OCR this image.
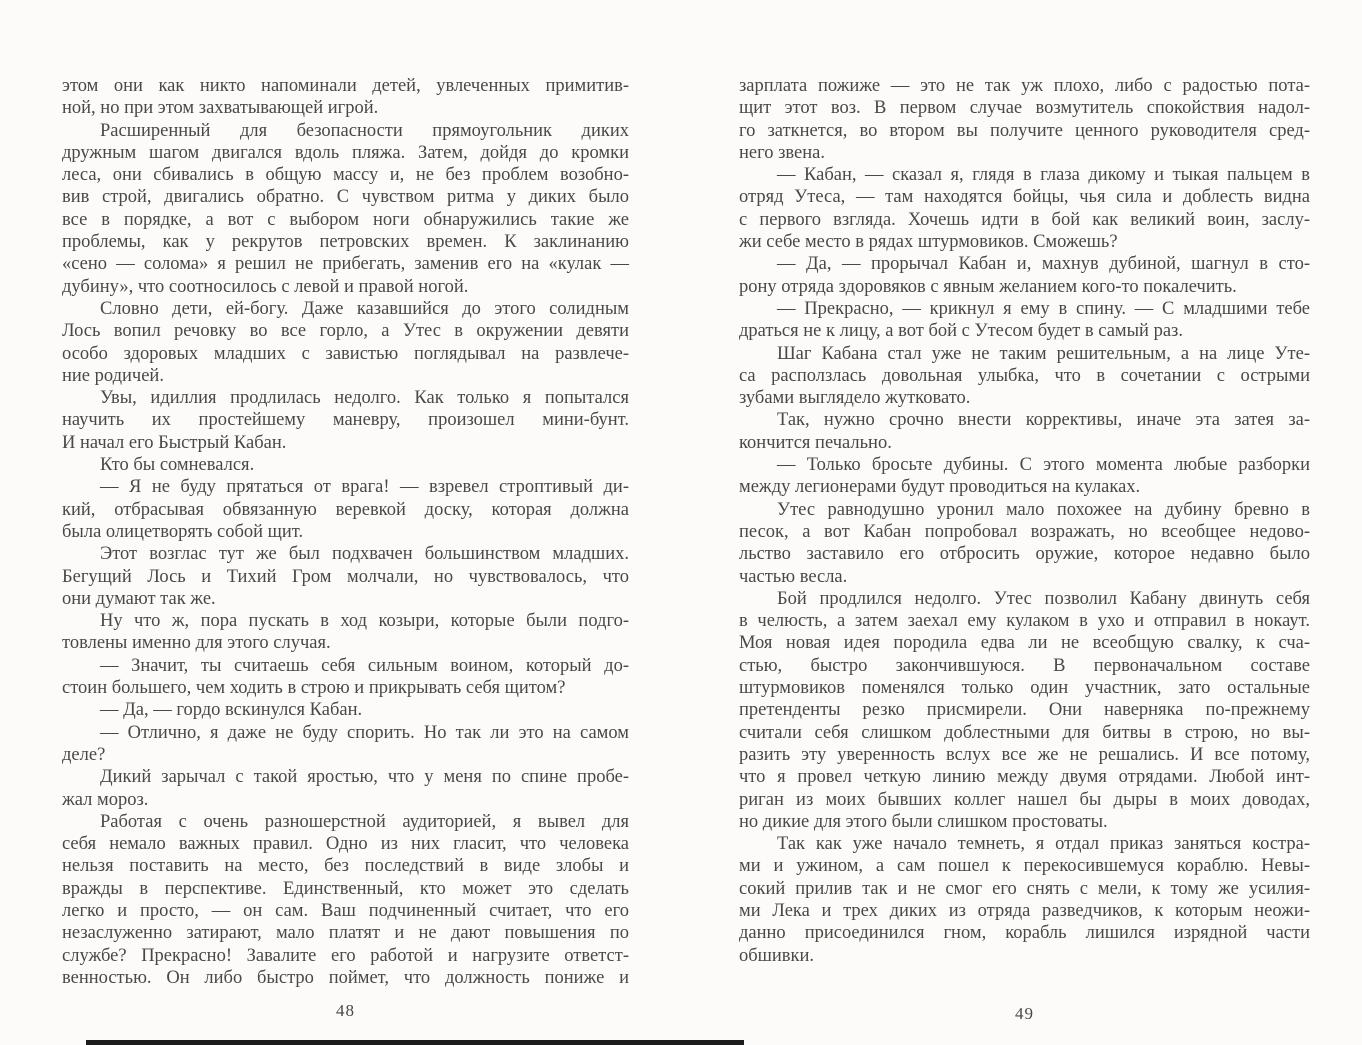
этом они как никто напоминали детей, увлеченных примитив-
ной, но при этом захватывающей игрой.
Расширенный для безопасности прямоугольник диких
дружным шагом двигался вдоль пляжа. Затем, дойдя до кромки
леса, они сбивались в общую массу и, не без проблем возобно-
вив строй, двигались обратно. С чувством ритма у диких было
все в порядке, а вот с выбором ноги обнаружились такие же
проблемы, как у рекрутов петровских времен. К заклинанию
«сено — солома» я решил не прибегать, заменив его на «кулак —
дубину», что соотносилось с левой и правой ногой.
Словно дети, ей-богу. Даже казавшийся до этого солидным
Лось вопил речовку во все горло, а Утес в окружении девяти
особо здоровых младших с завистью поглядывал на развлече-
ние родичей.
Увы, идиллия продлилась недолго. Как только я попытался
научить их простейшему маневру, произошел мини-бунт.
И начал его Быстрый Кабан.
Кто бы сомневался.
— Я не буду прятаться от врага! — взревел строптивый ди-
кий, отбрасывая обвязанную веревкой доску, которая должна
была олицетворять собой щит.
Этот возглас тут же был подхвачен большинством младших.
Бегущий Лось и Тихий Гром молчали, но чувствовалось, что
они думают так же.
Ну что ж, пора пускать в ход козыри, которые были подго-
товлены именно для этого случая.
— Значит, ты считаешь себя сильным воином, который до-
стоин большего, чем ходить в строю и прикрывать себя щитом?
— Да, — гордо вскинулся Кабан.
— Отлично, я даже не буду спорить. Но так ли это на самом
деле?
Дикий зарычал с такой яростью, что у меня по спине пробе-
жал мороз.
Работая с очень разношерстной аудиторией, я вывел для
себя немало важных правил. Одно из них гласит, что человека
нельзя поставить на место, без последствий в виде злобы и
вражды в перспективе. Единственный, кто может это сделать
легко и просто, — он сам. Ваш подчиненный считает, что его
незаслуженно затирают, мало платят и не дают повышения по
службе? Прекрасно! Завалите его работой и нагрузите ответст-
венностью. Он либо быстро поймет, что должность пониже и
зарплата пожиже — это не так уж плохо, либо с радостью пота-
щит этот воз. В первом случае возмутитель спокойствия надол-
го заткнется, во втором вы получите ценного руководителя сред-
него звена.
— Кабан, — сказал я, глядя в глаза дикому и тыкая пальцем в
отряд Утеса, — там находятся бойцы, чья сила и доблесть видна
с первого взгляда. Хочешь идти в бой как великий воин, заслу-
жи себе место в рядах штурмовиков. Сможешь?
— Да, — прорычал Кабан и, махнув дубиной, шагнул в сто-
рону отряда здоровяков с явным желанием кого-то покалечить.
— Прекрасно, — крикнул я ему в спину. — С младшими тебе
драться не к лицу, а вот бой с Утесом будет в самый раз.
Шаг Кабана стал уже не таким решительным, а на лице Уте-
са расползлась довольная улыбка, что в сочетании с острыми
зубами выглядело жутковато.
Так, нужно срочно внести коррективы, иначе эта затея за-
кончится печально.
— Только бросьте дубины. С этого момента любые разборки
между легионерами будут проводиться на кулаках.
Утес равнодушно уронил мало похожее на дубину бревно в
песок, а вот Кабан попробовал возражать, но всеобщее недово-
льство заставило его отбросить оружие, которое недавно было
частью весла.
Бой продлился недолго. Утес позволил Кабану двинуть себя
в челюсть, а затем заехал ему кулаком в ухо и отправил в нокаут.
Моя новая идея породила едва ли не всеобщую свалку, к сча-
стью, быстро закончившуюся. В первоначальном составе
штурмовиков поменялся только один участник, зато остальные
претенденты резко присмирели. Они наверняка по-прежнему
считали себя слишком доблестными для битвы в строю, но вы-
разить эту уверенность вслух все же не решались. И все потому,
что я провел четкую линию между двумя отрядами. Любой инт-
риган из моих бывших коллег нашел бы дыры в моих доводах,
но дикие для этого были слишком простоваты.
Так как уже начало темнеть, я отдал приказ заняться костра-
ми и ужином, а сам пошел к перекосившемуся кораблю. Невы-
сокий прилив так и не смог его снять с мели, к тому же усилия-
ми Лека и трех диких из отряда разведчиков, к которым неожи-
данно присоединился гном, корабль лишился изрядной части
обшивки.
48	49
